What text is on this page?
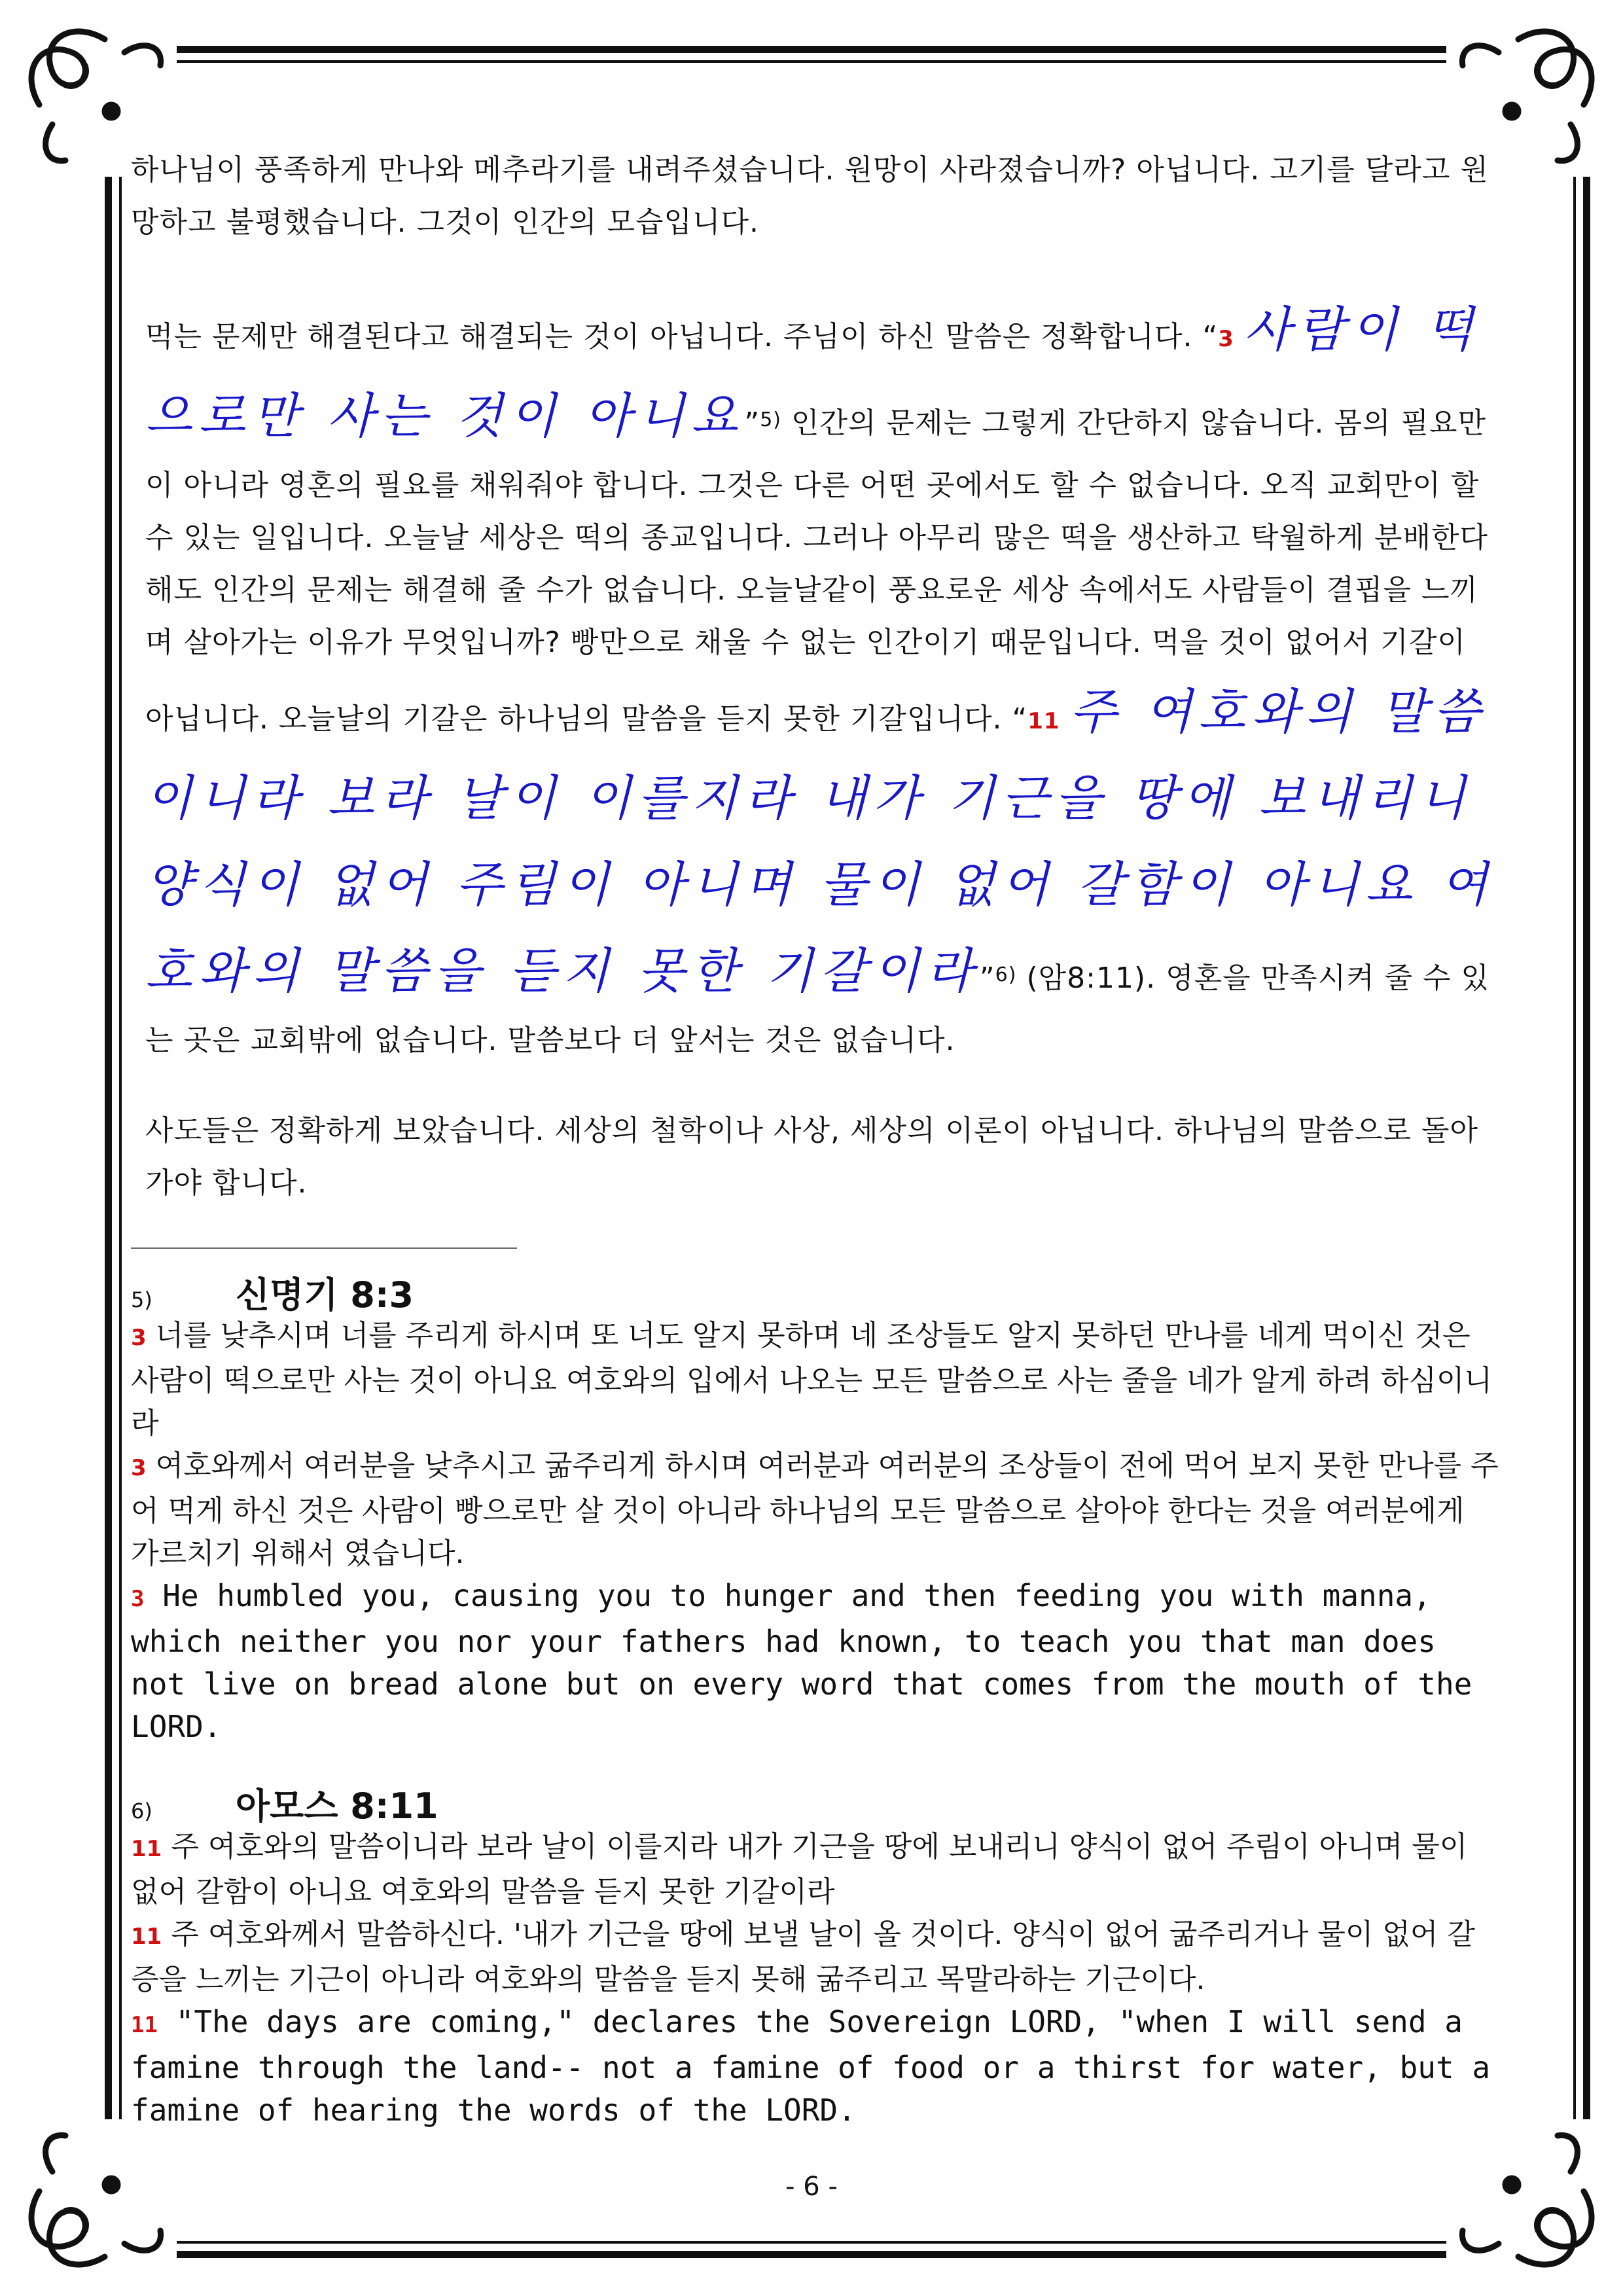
하나님이 풍족하게 만나와 메추라기를 내려주셨습니다. 원망이 사라졌습니까? 아닙니다. 고기를 달라고 원망하고 불평했습니다. 그것이 인간의 모습입니다.

먹는 문제만 해결된다고 해결되는 것이 아닙니다. 주님이 하신 말씀은 정확합니다. “3 사람이 떡으로만 사는 것이 아니요”$^{5)}$ 인간의 문제는 그렇게 간단하지 않습니다. 몸의 필요만이 아니라 영혼의 필요를 채워줘야 합니다. 그것은 다른 어떤 곳에서도 할 수 없습니다. 오직 교회만이 할 수 있는 일입니다. 오늘날 세상은 떡의 종교입니다. 그러나 아무리 많은 떡을 생산하고 탁월하게 분배한다 해도 인간의 문제는 해결해 줄 수가 없습니다. 오늘날같이 풍요로운 세상 속에서도 사람들이 결핍을 느끼며 살아가는 이유가 무엇입니까? 빵만으로 채울 수 없는 인간이기 때문입니다. 먹을 것이 없어서 기갈이 아닙니다. 오늘날의 기갈은 하나님의 말씀을 듣지 못한 기갈입니다. “11 주 여호와의 말씀이니라 보라 날이 이를지라 내가 기근을 땅에 보내리니 양식이 없어 주림이 아니며 물이 없어 갈함이 아니요 여호와의 말씀을 듣지 못한 기갈이라”$^{6)}$ (암8:11). 영혼을 만족시켜 줄 수 있는 곳은 교회밖에 없습니다. 말씀보다 더 앞서는 것은 없습니다.

사도들은 정확하게 보았습니다. 세상의 철학이나 사상, 세상의 이론이 아닙니다. 하나님의 말씀으로 돌아가야 합니다.

5)	신명기 8:3

3 너를 낮추시며 너를 주리게 하시며 또 너도 알지 못하며 네 조상들도 알지 못하던 만나를 네게 먹이신 것은 사람이 떡으로만 사는 것이 아니요 여호와의 입에서 나오는 모든 말씀으로 사는 줄을 네가 알게 하려 하심이니라

3 여호와께서 여러분을 낮추시고 굶주리게 하시며 여러분과 여러분의 조상들이 전에 먹어 보지 못한 만나를 주어 먹게 하신 것은 사람이 빵으로만 살 것이 아니라 하나님의 모든 말씀으로 살아야 한다는 것을 여러분에게 가르치기 위해서 였습니다.

3 He humbled you, causing you to hunger and then feeding you with manna, which neither you nor your fathers had known, to teach you that man does not live on bread alone but on every word that comes from the mouth of the LORD.

6)	아모스 8:11

11 주 여호와의 말씀이니라 보라 날이 이를지라 내가 기근을 땅에 보내리니 양식이 없어 주림이 아니며 물이 없어 갈함이 아니요 여호와의 말씀을 듣지 못한 기갈이라

11 주 여호와께서 말씀하신다. '내가 기근을 땅에 보낼 날이 올 것이다. 양식이 없어 굶주리거나 물이 없어 갈증을 느끼는 기근이 아니라 여호와의 말씀을 듣지 못해 굶주리고 목말라하는 기근이다.

11 "The days are coming," declares the Sovereign LORD, "when I will send a famine through the land-- not a famine of food or a thirst for water, but a famine of hearing the words of the LORD.

- 6 -
